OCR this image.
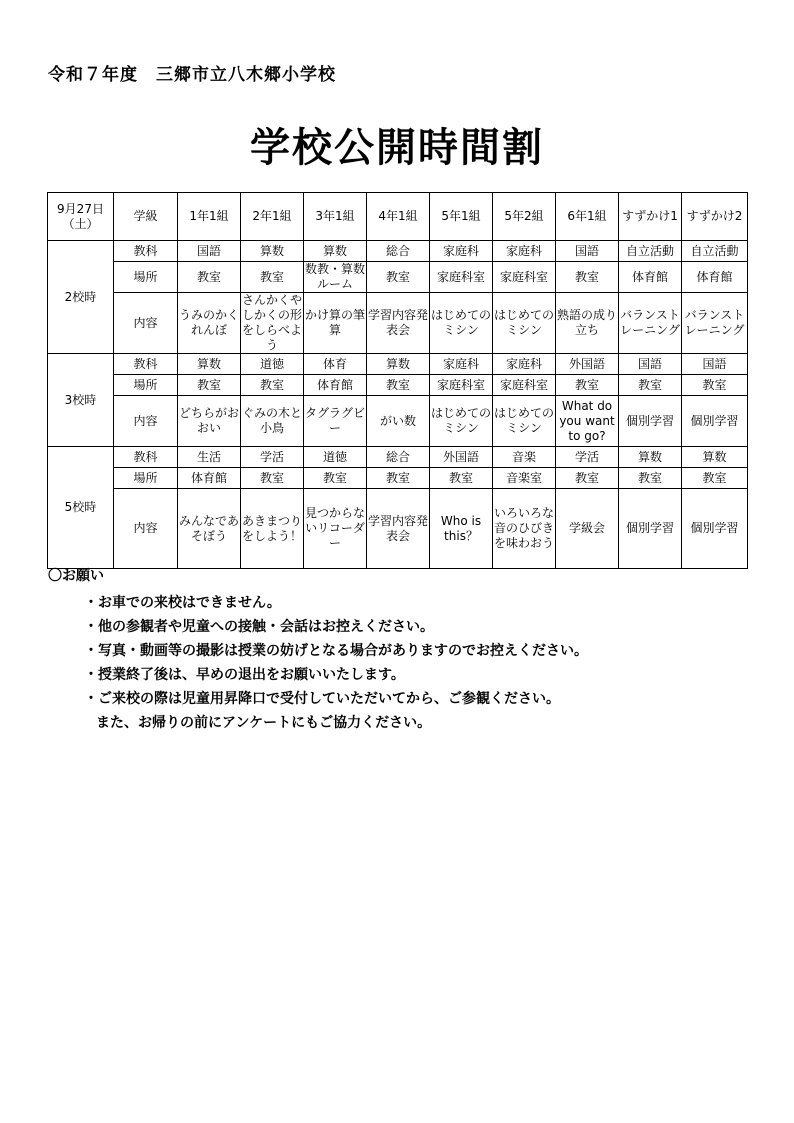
令和７年度　三郷市立八木郷小学校
学校公開時間割
9月27日
（土）	学級	1年1組	2年1組	3年1組	4年1組	5年1組	5年2組	6年1組	すずかけ1	すずかけ2
2校時	教科	国語	算数	算数	総合	家庭科	家庭科	国語	自立活動	自立活動
	場所	教室	教室	数教・算数ルーム	教室	家庭科室	家庭科室	教室	体育館	体育館
	内容	うみのかくれんぼ	さんかくやしかくの形をしらべよう	かけ算の筆算	学習内容発表会	はじめてのミシン	はじめてのミシン	熟語の成り立ち	バランストレーニング	バランストレーニング
3校時	教科	算数	道徳	体育	算数	家庭科	家庭科	外国語	国語	国語
	場所	教室	教室	体育館	教室	家庭科室	家庭科室	教室	教室	教室
	内容	どちらがおおい	ぐみの木と小鳥	タグラグビー	がい数	はじめてのミシン	はじめてのミシン	What do you want to go?	個別学習	個別学習
5校時	教科	生活	学活	道徳	総合	外国語	音楽	学活	算数	算数
	場所	体育館	教室	教室	教室	教室	音楽室	教室	教室	教室
	内容	みんなであそぼう	あきまつりをしよう！	見つからないリコーダー	学習内容発表会	Who is this？	いろいろな音のひびきを味わおう	学級会	個別学習	個別学習
〇お願い
・お車での来校はできません。
・他の参観者や児童への接触・会話はお控えください。
・写真・動画等の撮影は授業の妨げとなる場合がありますのでお控えください。
・授業終了後は、早めの退出をお願いいたします。
・ご来校の際は児童用昇降口で受付していただいてから、ご参観ください。
また、お帰りの前にアンケートにもご協力ください。
